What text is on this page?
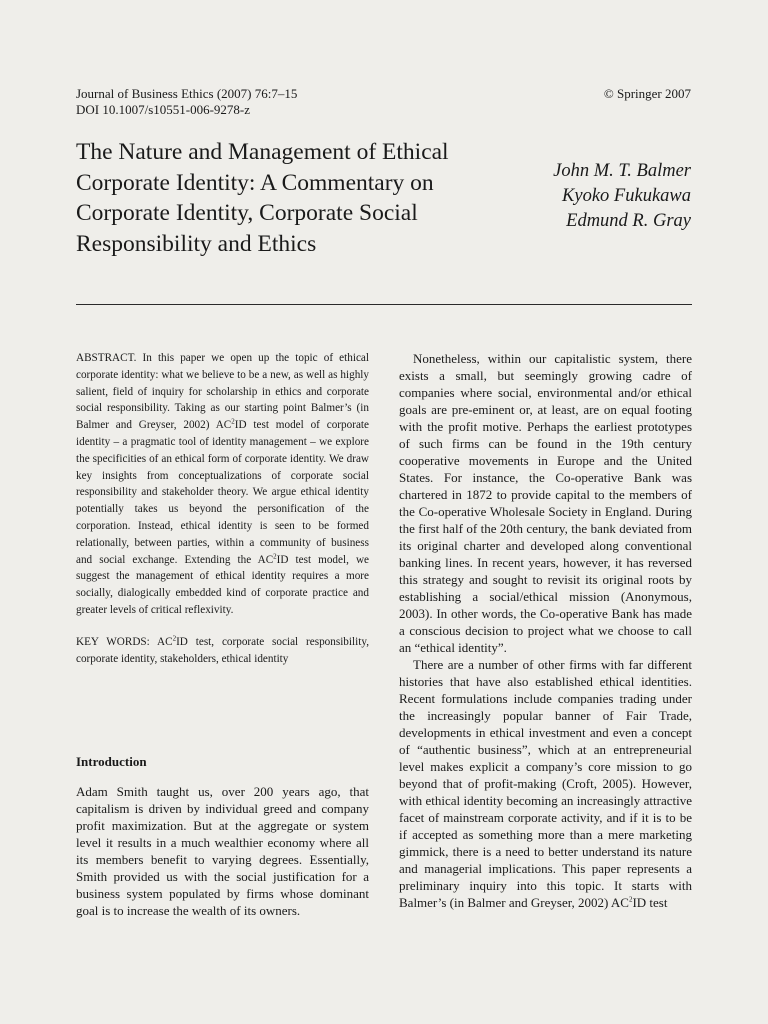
Journal of Business Ethics (2007) 76:7–15
DOI 10.1007/s10551-006-9278-z
© Springer 2007
The Nature and Management of Ethical Corporate Identity: A Commentary on Corporate Identity, Corporate Social Responsibility and Ethics
John M. T. Balmer
Kyoko Fukukawa
Edmund R. Gray

ABSTRACT. In this paper we open up the topic of ethical corporate identity: what we believe to be a new, as well as highly salient, field of inquiry for scholarship in ethics and corporate social responsibility. Taking as our starting point Balmer’s (in Balmer and Greyser, 2002) $AC^2ID$ test model of corporate identity – a pragmatic tool of identity management – we explore the specificities of an ethical form of corporate identity. We draw key insights from conceptualizations of corporate social responsibility and stakeholder theory. We argue ethical identity potentially takes us beyond the personification of the corporation. Instead, ethical identity is seen to be formed relationally, between parties, within a community of business and social exchange. Extending the $AC^2ID$ test model, we suggest the management of ethical identity requires a more socially, dialogically embedded kind of corporate practice and greater levels of critical reflexivity.

KEY WORDS: $AC^2ID$ test, corporate social responsibility, corporate identity, stakeholders, ethical identity

Introduction

Adam Smith taught us, over 200 years ago, that capitalism is driven by individual greed and company profit maximization. But at the aggregate or system level it results in a much wealthier economy where all its members benefit to varying degrees. Essentially, Smith provided us with the social justification for a business system populated by firms whose dominant goal is to increase the wealth of its owners.

Nonetheless, within our capitalistic system, there exists a small, but seemingly growing cadre of companies where social, environmental and/or ethical goals are pre-eminent or, at least, are on equal footing with the profit motive. Perhaps the earliest prototypes of such firms can be found in the 19th century cooperative movements in Europe and the United States. For instance, the Co-operative Bank was chartered in 1872 to provide capital to the members of the Co-operative Wholesale Society in England. During the first half of the 20th century, the bank deviated from its original charter and developed along conventional banking lines. In recent years, however, it has reversed this strategy and sought to revisit its original roots by establishing a social/ethical mission (Anonymous, 2003). In other words, the Co-operative Bank has made a conscious decision to project what we choose to call an “ethical identity”.

There are a number of other firms with far different histories that have also established ethical identities. Recent formulations include companies trading under the increasingly popular banner of Fair Trade, developments in ethical investment and even a concept of “authentic business”, which at an entrepreneurial level makes explicit a company’s core mission to go beyond that of profit-making (Croft, 2005). However, with ethical identity becoming an increasingly attractive facet of mainstream corporate activity, and if it is to be if accepted as something more than a mere marketing gimmick, there is a need to better understand its nature and managerial implications. This paper represents a preliminary inquiry into this topic. It starts with Balmer’s (in Balmer and Greyser, 2002) $AC^2ID$ test
